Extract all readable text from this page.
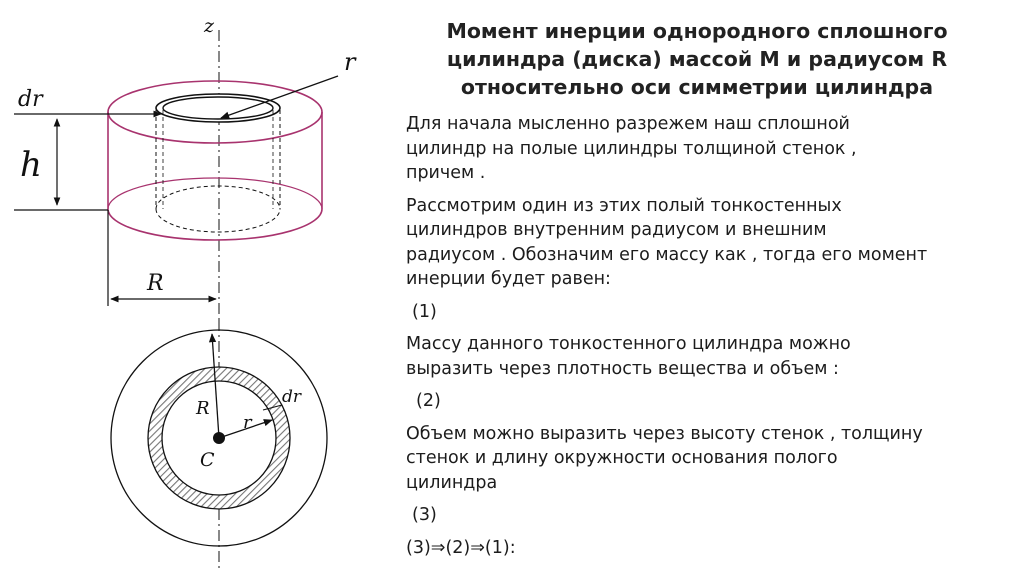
z
r
dr
h
R
R
r
C
dr
Момент инерции однородного сплошного
цилиндра (диска) массой M и радиусом R
относительно оси симметрии цилиндра

Для начала мысленно разрежем наш сплошной
цилиндр на полые цилиндры толщиной стенок ,
причем .

Рассмотрим один из этих полый тонкостенных
цилиндров внутренним радиусом и внешним
радиусом . Обозначим его массу как , тогда его момент
инерции будет равен:

(1)

Массу данного тонкостенного цилиндра можно
выразить через плотность вещества и объем :

(2)

Объем можно выразить через высоту стенок , толщину
стенок и длину окружности основания полого
цилиндра

(3)

(3)⇒(2)⇒(1):
